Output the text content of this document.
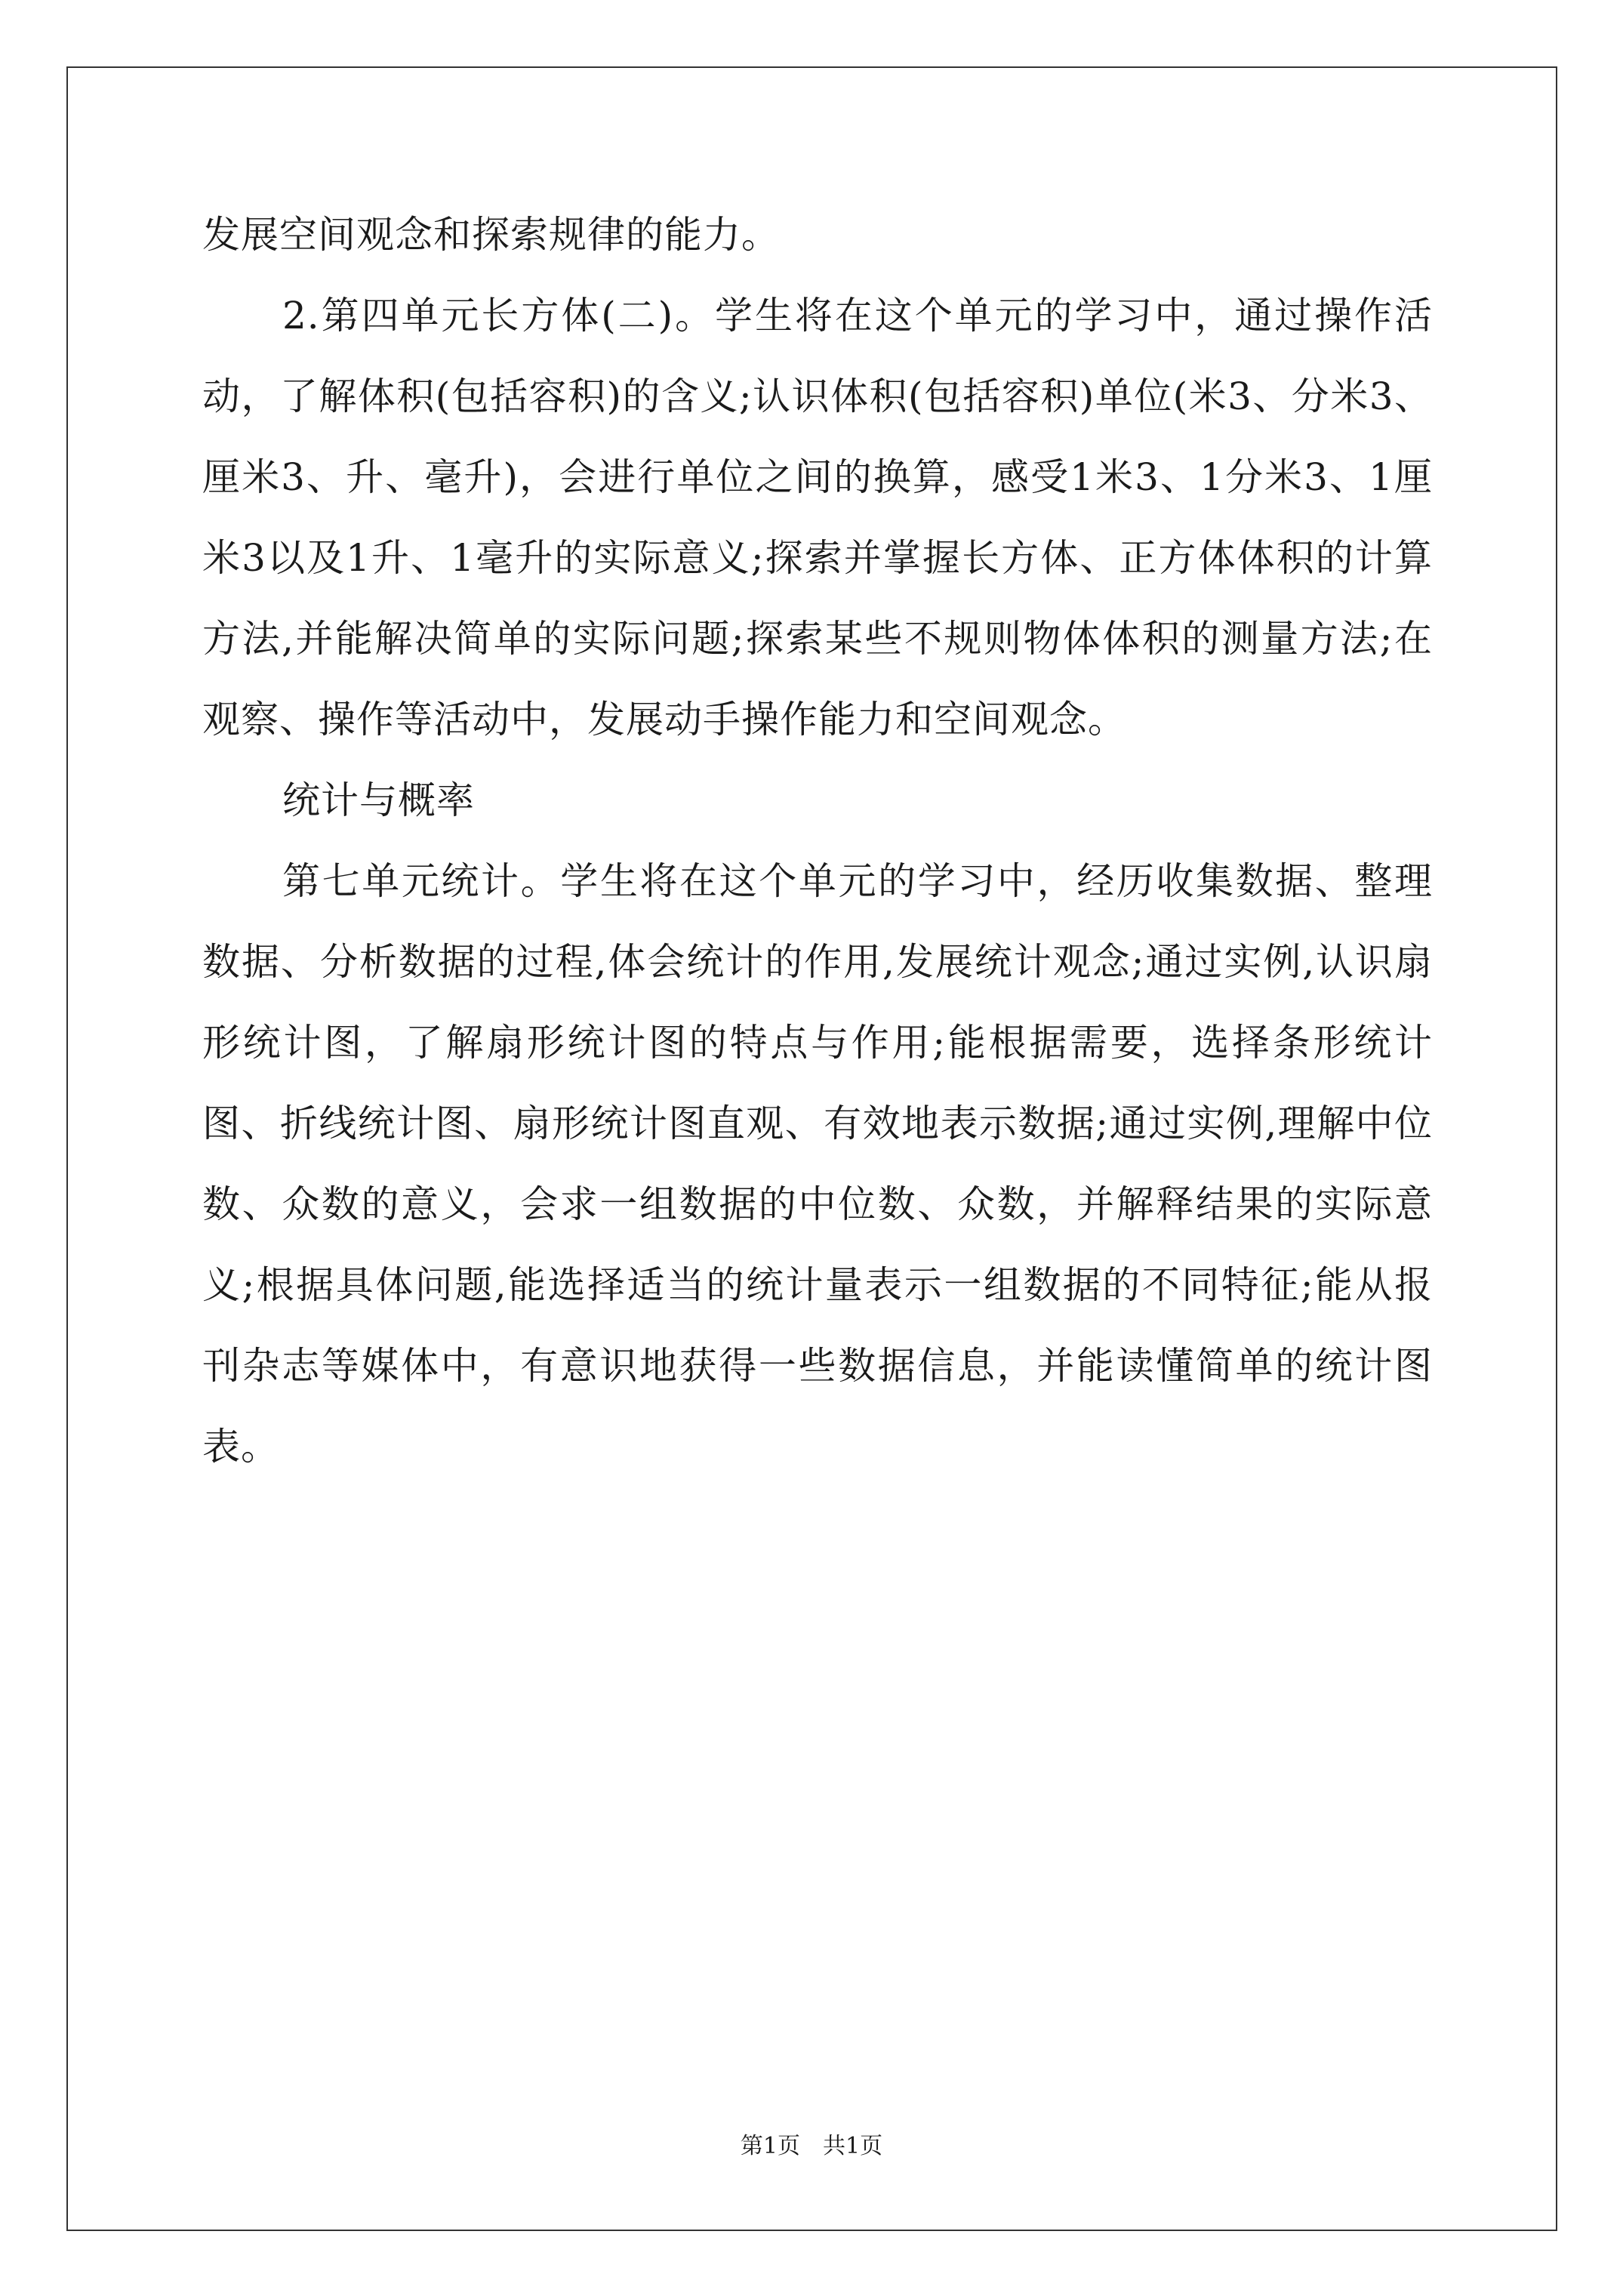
发展空间观念和探索规律的能力。

2.第四单元长方体(二)。学生将在这个单元的学习中，通过操作活动，了解体积(包括容积)的含义;认识体积(包括容积)单位(米3、分米3、厘米3、升、毫升)，会进行单位之间的换算，感受1米3、1分米3、1厘米3以及1升、1毫升的实际意义;探索并掌握长方体、正方体体积的计算方法,并能解决简单的实际问题;探索某些不规则物体体积的测量方法;在观察、操作等活动中，发展动手操作能力和空间观念。

统计与概率

第七单元统计。学生将在这个单元的学习中，经历收集数据、整理数据、分析数据的过程,体会统计的作用,发展统计观念;通过实例,认识扇形统计图，了解扇形统计图的特点与作用;能根据需要，选择条形统计图、折线统计图、扇形统计图直观、有效地表示数据;通过实例,理解中位数、众数的意义，会求一组数据的中位数、众数，并解释结果的实际意义;根据具体问题,能选择适当的统计量表示一组数据的不同特征;能从报刊杂志等媒体中，有意识地获得一些数据信息，并能读懂简单的统计图表。

第1页　共1页
